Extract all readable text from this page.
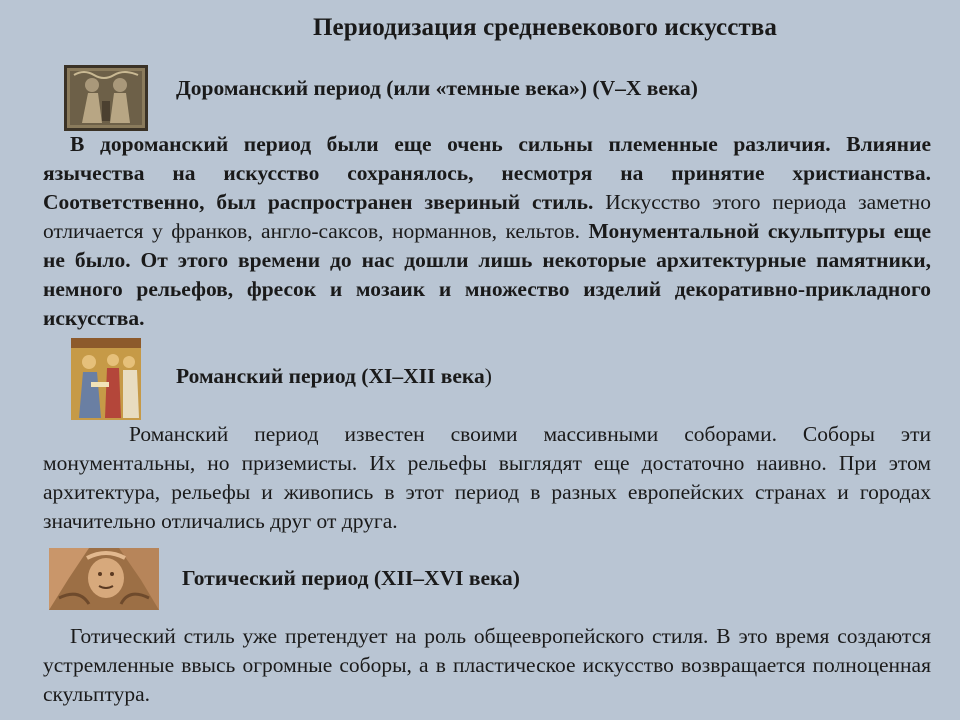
Периодизация средневекового искусства
Дороманский период (или «темные века») (V–X века)
В дороманский период были еще очень сильны племенные различия. Влияние язычества на искусство сохранялось, несмотря на принятие христианства. Соответственно, был распространен звериный стиль. Искусство этого периода заметно отличается у франков, англо-саксов, норманнов, кельтов. Монументальной скульптуры еще не было. От этого времени до нас дошли лишь некоторые архитектурные памятники, немного рельефов, фресок и мозаик и множество изделий декоративно-прикладного искусства.
Романский период (XI–XII века)
Романский период известен своими массивными соборами. Соборы эти монументальны, но приземисты. Их рельефы выглядят еще достаточно наивно. При этом архитектура, рельефы и живопись в этот период в разных европейских странах и городах значительно отличались друг от друга.
Готический период (XII–XVI века)
Готический стиль уже претендует на роль общеевропейского стиля. В это время создаются устремленные ввысь огромные соборы, а в пластическое искусство возвращается полноценная скульптура.
